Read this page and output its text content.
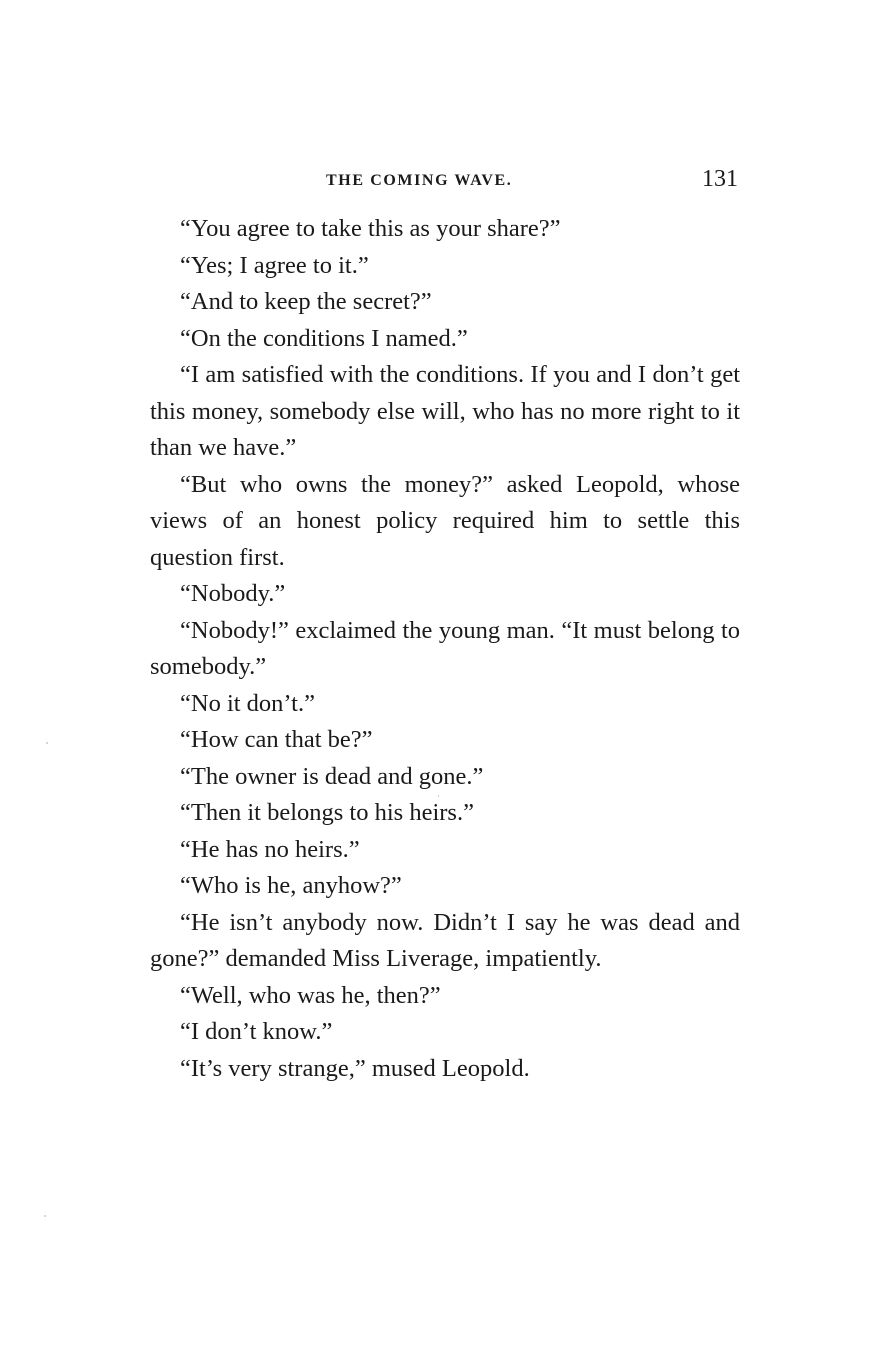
THE COMING WAVE.	131

“You agree to take this as your share?”

“Yes; I agree to it.”

“And to keep the secret?”

“On the conditions I named.”

“I am satisfied with the conditions. If you and I don’t get this money, somebody else will, who has no more right to it than we have.”

“But who owns the money?” asked Leopold, whose views of an honest policy required him to settle this question first.

“Nobody.”

“Nobody!” exclaimed the young man. “It must belong to somebody.”

“No it don’t.”

“How can that be?”

“The owner is dead and gone.”

“Then it belongs to his heirs.”

“He has no heirs.”

“Who is he, anyhow?”

“He isn’t anybody now. Didn’t I say he was dead and gone?” demanded Miss Liverage, impatiently.

“Well, who was he, then?”

“I don’t know.”

“It’s very strange,” mused Leopold.
